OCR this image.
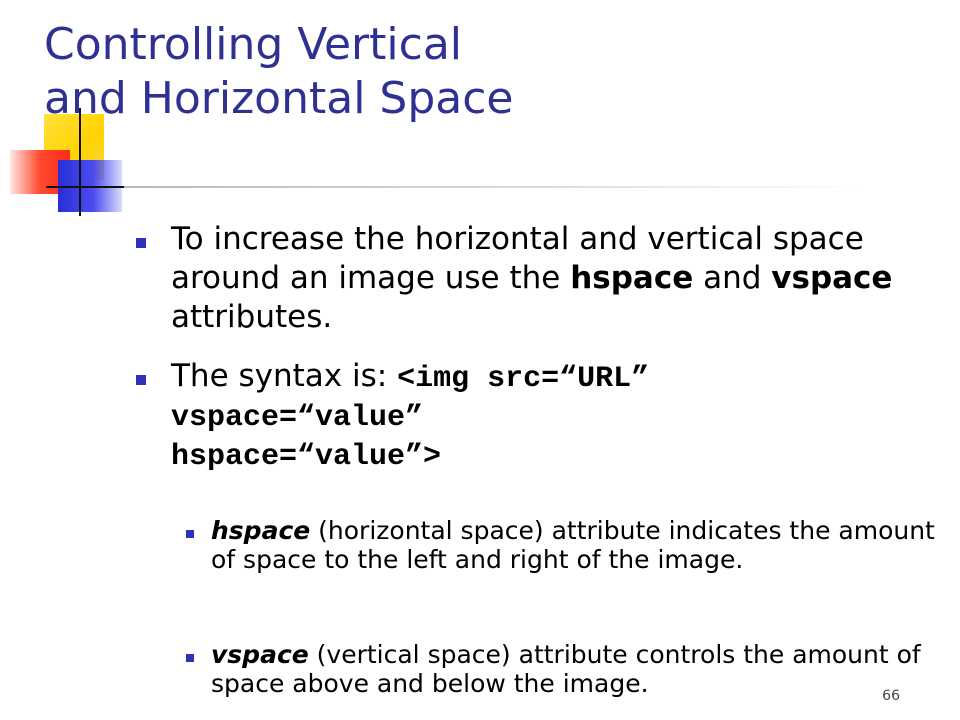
Controlling Vertical
and Horizontal Space
To increase the horizontal and vertical space around an image use the hspace and vspace attributes.
The syntax is: <img src=“URL”
vspace=“value”
hspace=“value”>
hspace (horizontal space) attribute indicates the amount of space to the left and right of the image.
vspace (vertical space) attribute controls the amount of space above and below the image.	66
